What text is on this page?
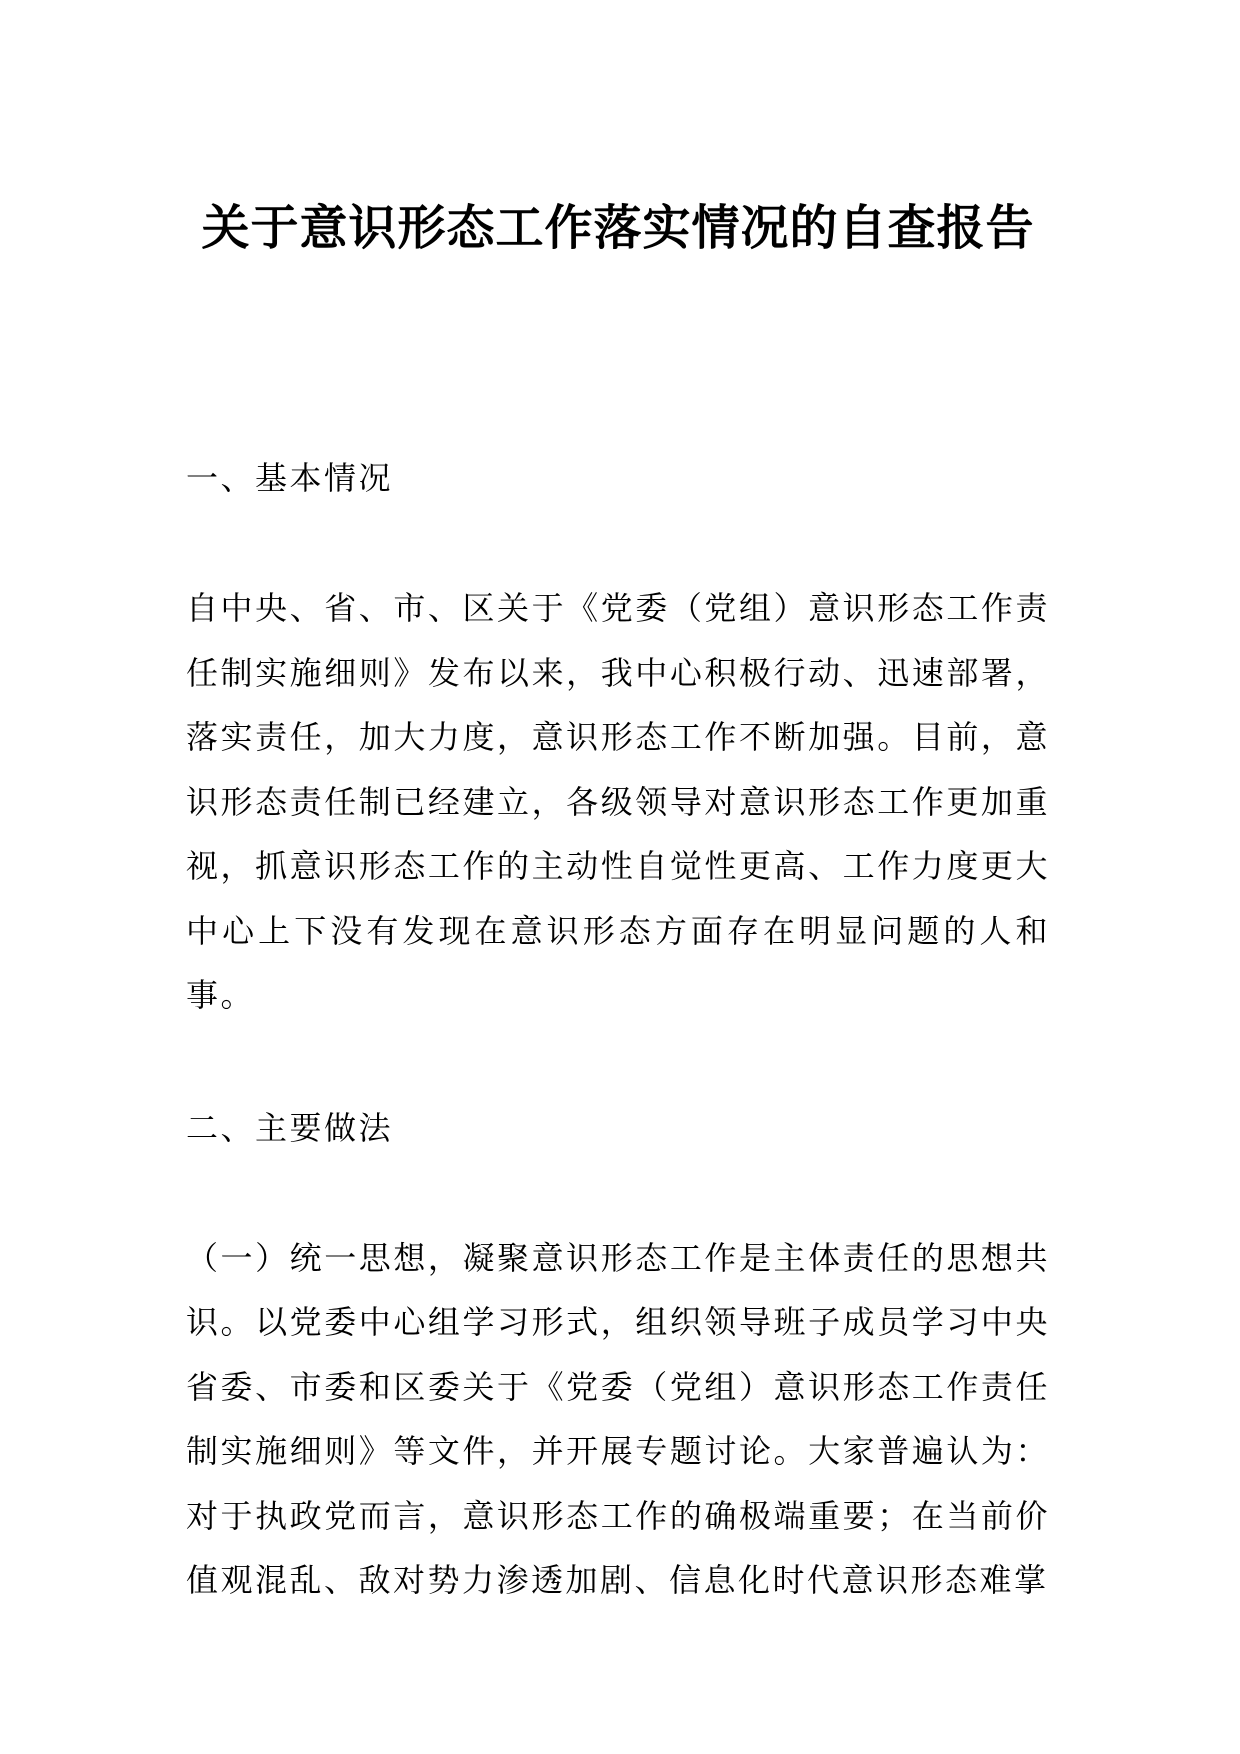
关于意识形态工作落实情况的自查报告
一、基本情况

自中央、省、市、区关于《党委（党组）意识形态工作责任制实施细则》发布以来，我中心积极行动、迅速部署，落实责任，加大力度，意识形态工作不断加强。目前，意识形态责任制已经建立，各级领导对意识形态工作更加重视，抓意识形态工作的主动性自觉性更高、工作力度更大中心上下没有发现在意识形态方面存在明显问题的人和事。

二、主要做法

（一）统一思想，凝聚意识形态工作是主体责任的思想共识。以党委中心组学习形式，组织领导班子成员学习中央省委、市委和区委关于《党委（党组）意识形态工作责任制实施细则》等文件，并开展专题讨论。大家普遍认为：对于执政党而言，意识形态工作的确极端重要；在当前价值观混乱、敌对势力渗透加剧、信息化时代意识形态难掌
